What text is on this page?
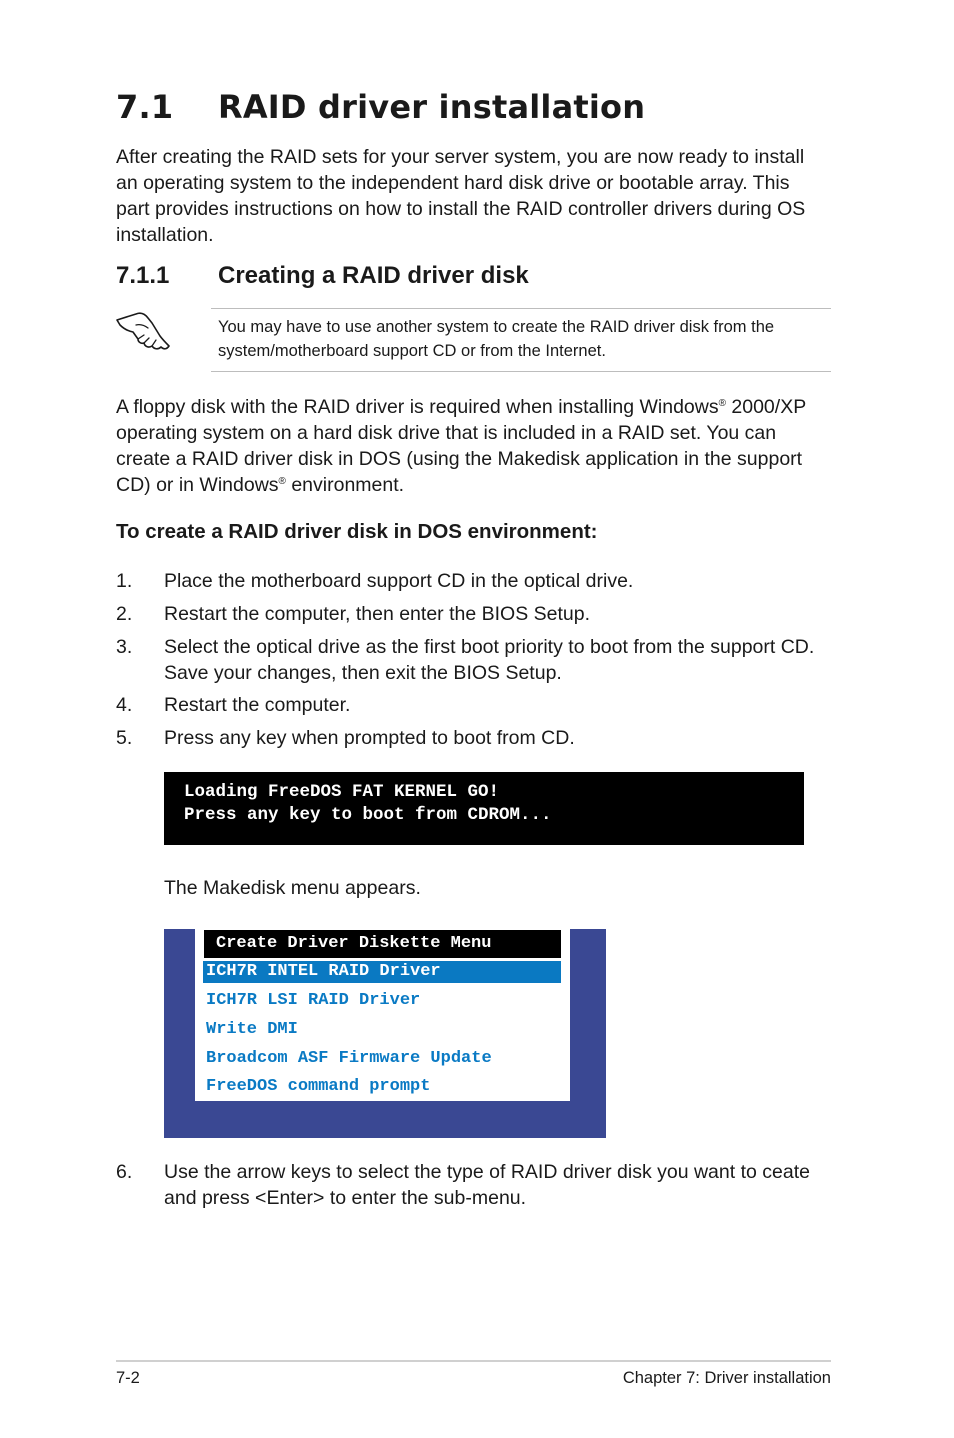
7.1 RAID driver installation

After creating the RAID sets for your server system, you are now ready to install an operating system to the independent hard disk drive or bootable array. This part provides instructions on how to install the RAID controller drivers during OS installation.

7.1.1 Creating a RAID driver disk

You may have to use another system to create the RAID driver disk from the system/motherboard support CD or from the Internet.

A floppy disk with the RAID driver is required when installing Windows® 2000/XP operating system on a hard disk drive that is included in a RAID set. You can create a RAID driver disk in DOS (using the Makedisk application in the support CD) or in Windows® environment.

To create a RAID driver disk in DOS environment:
1. Place the motherboard support CD in the optical drive.
2. Restart the computer, then enter the BIOS Setup.
3. Select the optical drive as the first boot priority to boot from the support CD.
Save your changes, then exit the BIOS Setup.
4. Restart the computer.
5. Press any key when prompted to boot from CD.
Loading FreeDOS FAT KERNEL GO!
Press any key to boot from CDROM...
The Makedisk menu appears.
Create Driver Diskette Menu
ICH7R INTEL RAID Driver
ICH7R LSI RAID Driver
Write DMI
Broadcom ASF Firmware Update
FreeDOS command prompt
6. Use the arrow keys to select the type of RAID driver disk you want to ceate
and press <Enter> to enter the sub-menu.
7-2	Chapter 7: Driver installation
